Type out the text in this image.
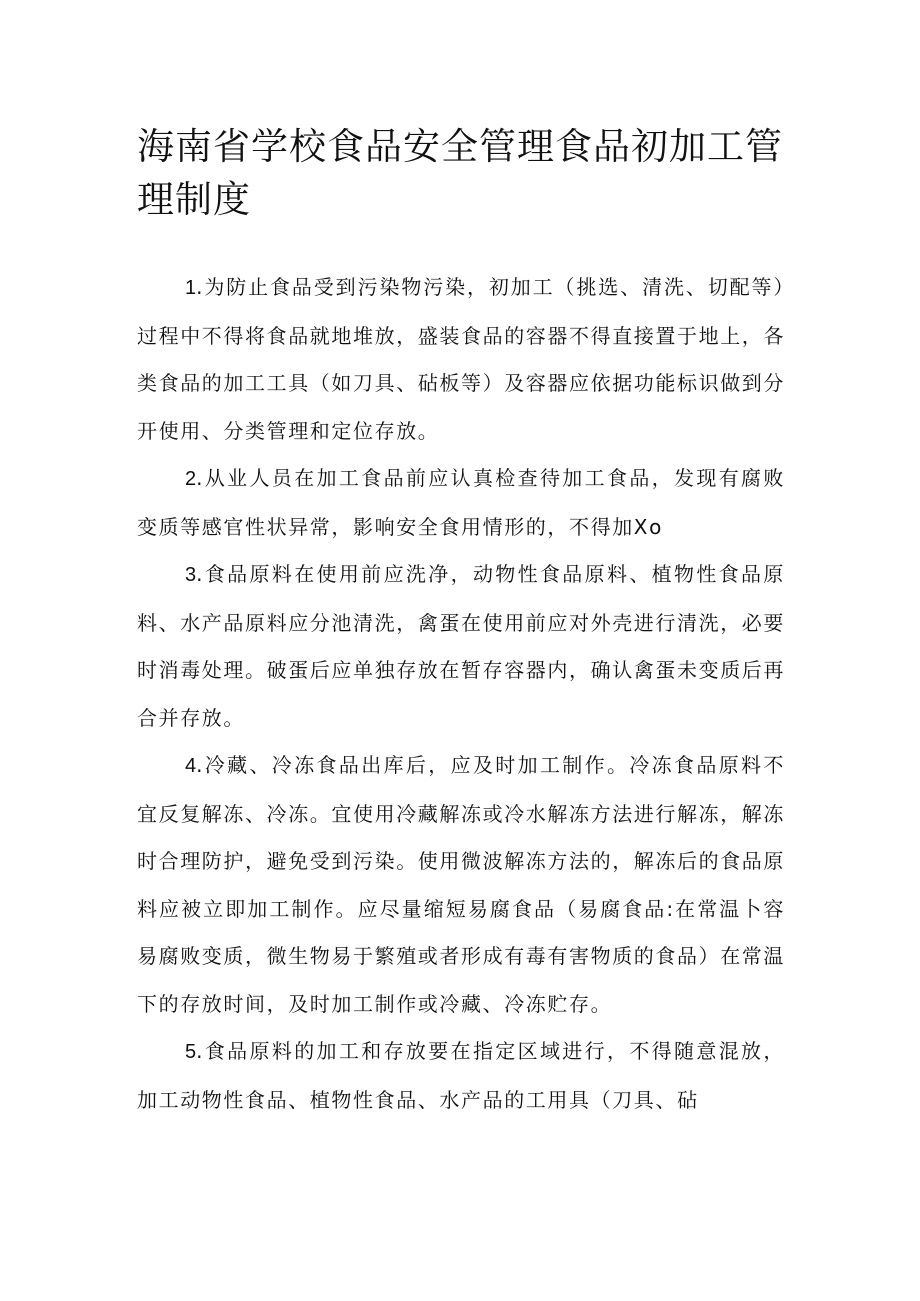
海南省学校食品安全管理食品初加工管理制度

1.为防止食品受到污染物污染，初加工（挑选、清洗、切配等）过程中不得将食品就地堆放，盛装食品的容器不得直接置于地上，各类食品的加工工具（如刀具、砧板等）及容器应依据功能标识做到分开使用、分类管理和定位存放。

2.从业人员在加工食品前应认真检查待加工食品，发现有腐败变质等感官性状异常，影响安全食用情形的，不得加Xo

3.食品原料在使用前应洗净，动物性食品原料、植物性食品原料、水产品原料应分池清洗，禽蛋在使用前应对外壳进行清洗，必要时消毒处理。破蛋后应单独存放在暂存容器内，确认禽蛋未变质后再合并存放。

4.冷藏、冷冻食品出库后，应及时加工制作。冷冻食品原料不宜反复解冻、冷冻。宜使用冷藏解冻或冷水解冻方法进行解冻，解冻时合理防护，避免受到污染。使用微波解冻方法的，解冻后的食品原料应被立即加工制作。应尽量缩短易腐食品（易腐食品:在常温卜容易腐败变质，微生物易于繁殖或者形成有毒有害物质的食品）在常温下的存放时间，及时加工制作或冷藏、冷冻贮存。

5.食品原料的加工和存放要在指定区域进行，不得随意混放，加工动物性食品、植物性食品、水产品的工用具（刀具、砧
